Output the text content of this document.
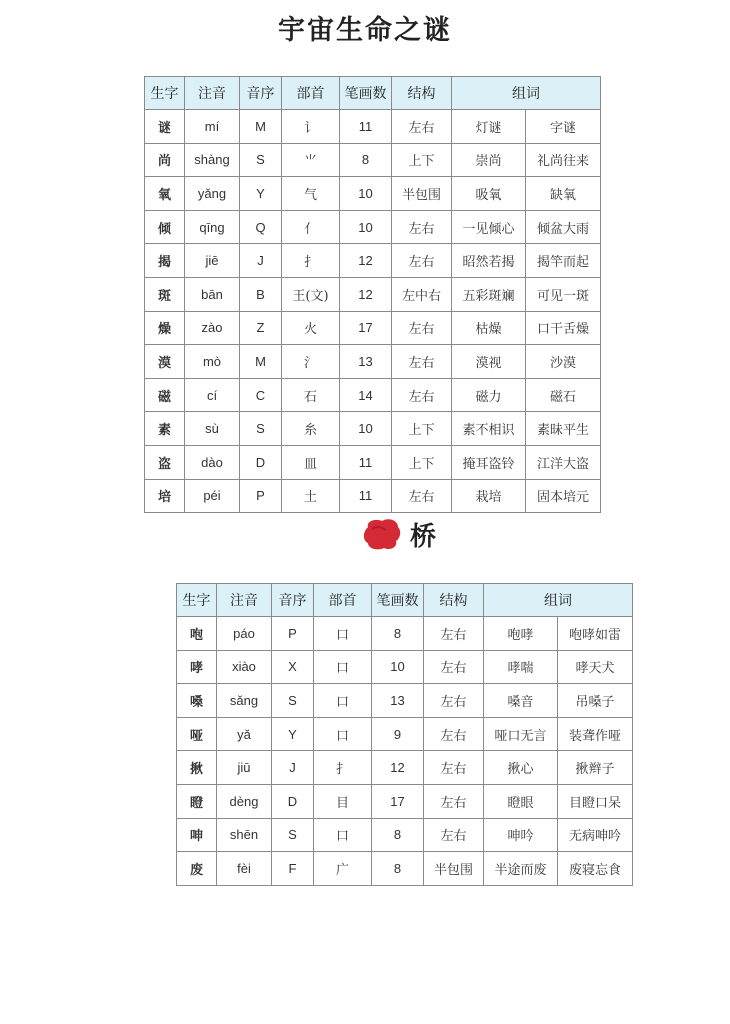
宇宙生命之谜
生字	注音	音序	部首	笔画数	结构	组词	
谜	mí	M	讠	11	左右	灯谜	字谜
尚	shàng	S	⺌	8	上下	崇尚	礼尚往来
氧	yǎng	Y	气	10	半包围	吸氧	缺氧
倾	qīng	Q	亻	10	左右	一见倾心	倾盆大雨
揭	jiē	J	扌	12	左右	昭然若揭	揭竿而起
斑	bān	B	王(文)	12	左中右	五彩斑斓	可见一斑
燥	zào	Z	火	17	左右	枯燥	口干舌燥
漠	mò	M	氵	13	左右	漠视	沙漠
磁	cí	C	石	14	左右	磁力	磁石
素	sù	S	糸	10	上下	素不相识	素昧平生
盗	dào	D	皿	11	上下	掩耳盗铃	江洋大盗
培	péi	P	土	11	左右	栽培	固本培元
桥
生字	注音	音序	部首	笔画数	结构	组词	
咆	páo	P	口	8	左右	咆哮	咆哮如雷
哮	xiào	X	口	10	左右	哮喘	哮天犬
嗓	sǎng	S	口	13	左右	嗓音	吊嗓子
哑	yǎ	Y	口	9	左右	哑口无言	装聋作哑
揪	jiū	J	扌	12	左右	揪心	揪辫子
瞪	dèng	D	目	17	左右	瞪眼	目瞪口呆
呻	shēn	S	口	8	左右	呻吟	无病呻吟
废	fèi	F	广	8	半包围	半途而废	废寝忘食
